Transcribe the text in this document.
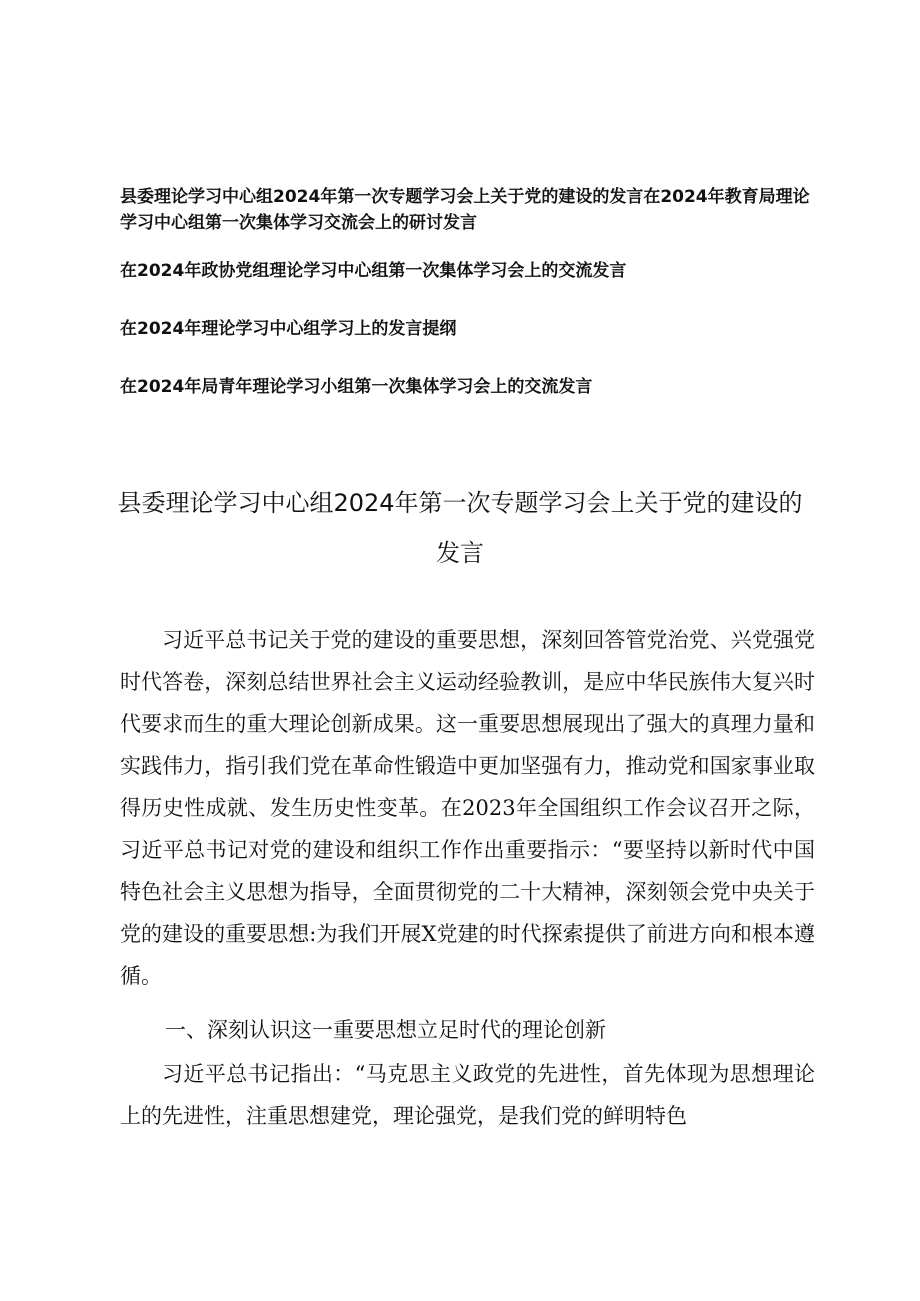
县委理论学习中心组2024年第一次专题学习会上关于党的建设的发言在2024年教育局理论学习中心组第一次集体学习交流会上的研讨发言

在2024年政协党组理论学习中心组第一次集体学习会上的交流发言

在2024年理论学习中心组学习上的发言提纲

在2024年局青年理论学习小组第一次集体学习会上的交流发言

县委理论学习中心组2024年第一次专题学习会上关于党的建设的发言

习近平总书记关于党的建设的重要思想，深刻回答管党治党、兴党强党时代答卷，深刻总结世界社会主义运动经验教训，是应中华民族伟大复兴时代要求而生的重大理论创新成果。这一重要思想展现出了强大的真理力量和实践伟力，指引我们党在革命性锻造中更加坚强有力，推动党和国家事业取得历史性成就、发生历史性变革。在2023年全国组织工作会议召开之际，习近平总书记对党的建设和组织工作作出重要指示：“要坚持以新时代中国特色社会主义思想为指导，全面贯彻党的二十大精神，深刻领会党中央关于党的建设的重要思想:为我们开展X党建的时代探索提供了前进方向和根本遵循。

一、深刻认识这一重要思想立足时代的理论创新

习近平总书记指出：“马克思主义政党的先进性，首先体现为思想理论上的先进性，注重思想建党，理论强党，是我们党的鲜明特色
